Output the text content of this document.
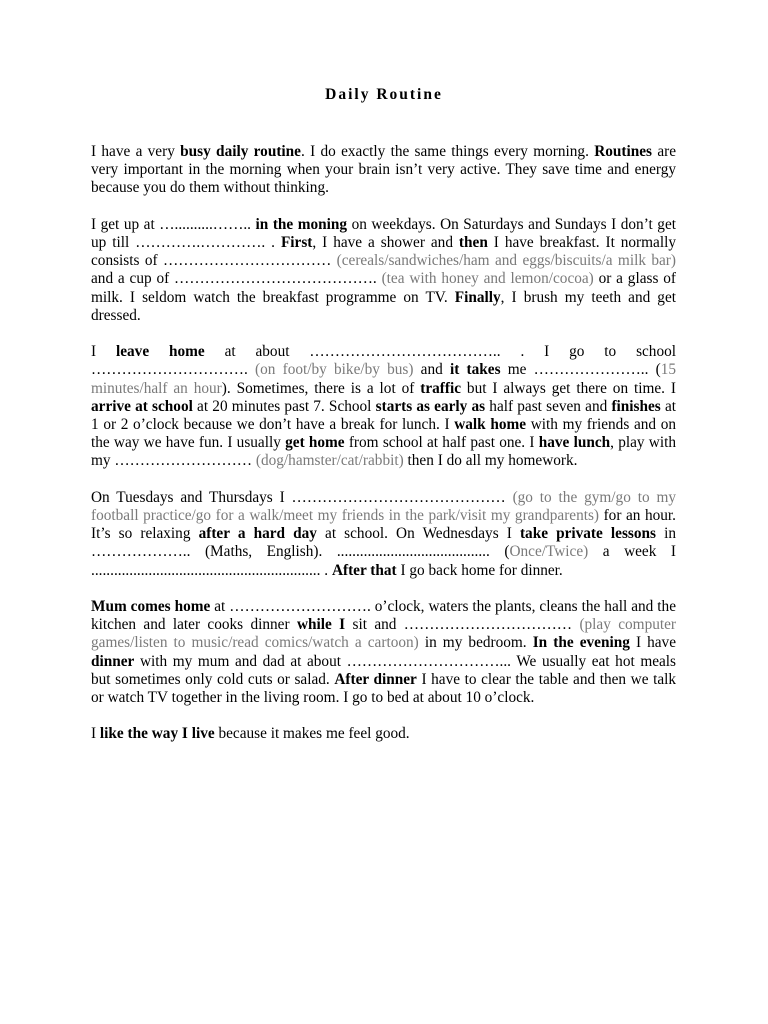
Daily Routine

I have a very busy daily routine. I do exactly the same things every morning. Routines are very important in the morning when your brain isn’t very active. They save time and energy because you do them without thinking.

I get up at …..........…….. in the moning on weekdays. On Saturdays and Sundays I don’t get up till ………….…………. . First, I have a shower and then I have breakfast. It normally consists of …………………………… (cereals/sandwiches/ham and eggs/biscuits/a milk bar) and a cup of …………………………………. (tea with honey and lemon/cocoa) or a glass of milk. I seldom watch the breakfast programme on TV. Finally, I brush my teeth and get dressed.

I leave home at about ……………………………….. . I go to school …………………………. (on foot/by bike/by bus) and it takes me ………………….. (15 minutes/half an hour). Sometimes, there is a lot of traffic but I always get there on time. I arrive at school at 20 minutes past 7. School starts as early as half past seven and finishes at 1 or 2 o’clock because we don’t have a break for lunch. I walk home with my friends and on the way we have fun. I usually get home from school at half past one. I have lunch, play with my ……………………… (dog/hamster/cat/rabbit) then I do all my homework.

On Tuesdays and Thursdays I …………………………………… (go to the gym/go to my football practice/go for a walk/meet my friends in the park/visit my grandparents) for an hour. It’s so relaxing after a hard day at school. On Wednesdays I take private lessons in ……………….. (Maths, English). ........................................ (Once/Twice) a week I ............................................................ . After that I go back home for dinner.

Mum comes home at ………………………. o’clock, waters the plants, cleans the hall and the kitchen and later cooks dinner while I sit and …………………………… (play computer games/listen to music/read comics/watch a cartoon) in my bedroom. In the evening I have dinner with my mum and dad at about …………………………... We usually eat hot meals but sometimes only cold cuts or salad. After dinner I have to clear the table and then we talk or watch TV together in the living room. I go to bed at about 10 o’clock.

I like the way I live because it makes me feel good.
